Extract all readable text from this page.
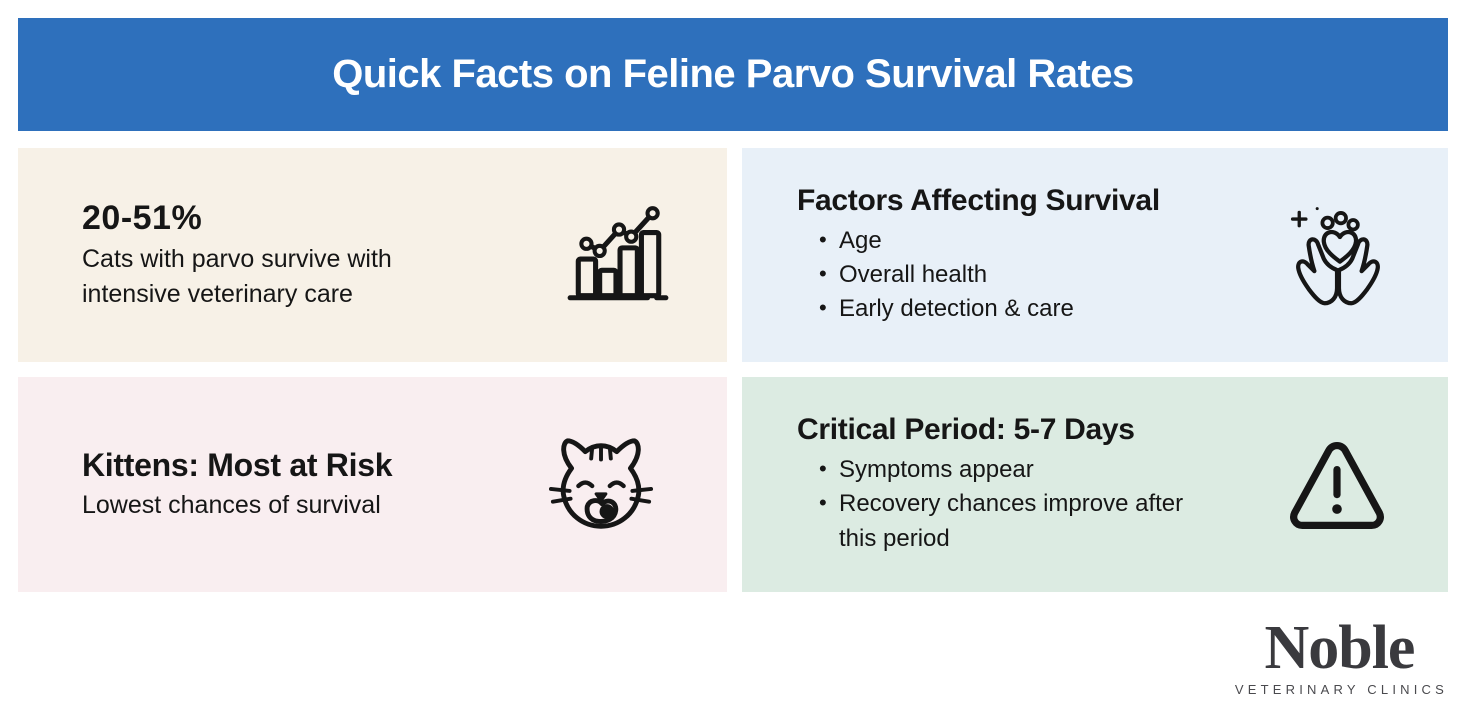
Quick Facts on Feline Parvo Survival Rates
20-51%
Cats with parvo survive with intensive veterinary care
Factors Affecting Survival
• Age
• Overall health
• Early detection & care
Kittens: Most at Risk
Lowest chances of survival
Critical Period: 5-7 Days
• Symptoms appear
• Recovery chances improve after this period
Noble
VETERINARY CLINICS
